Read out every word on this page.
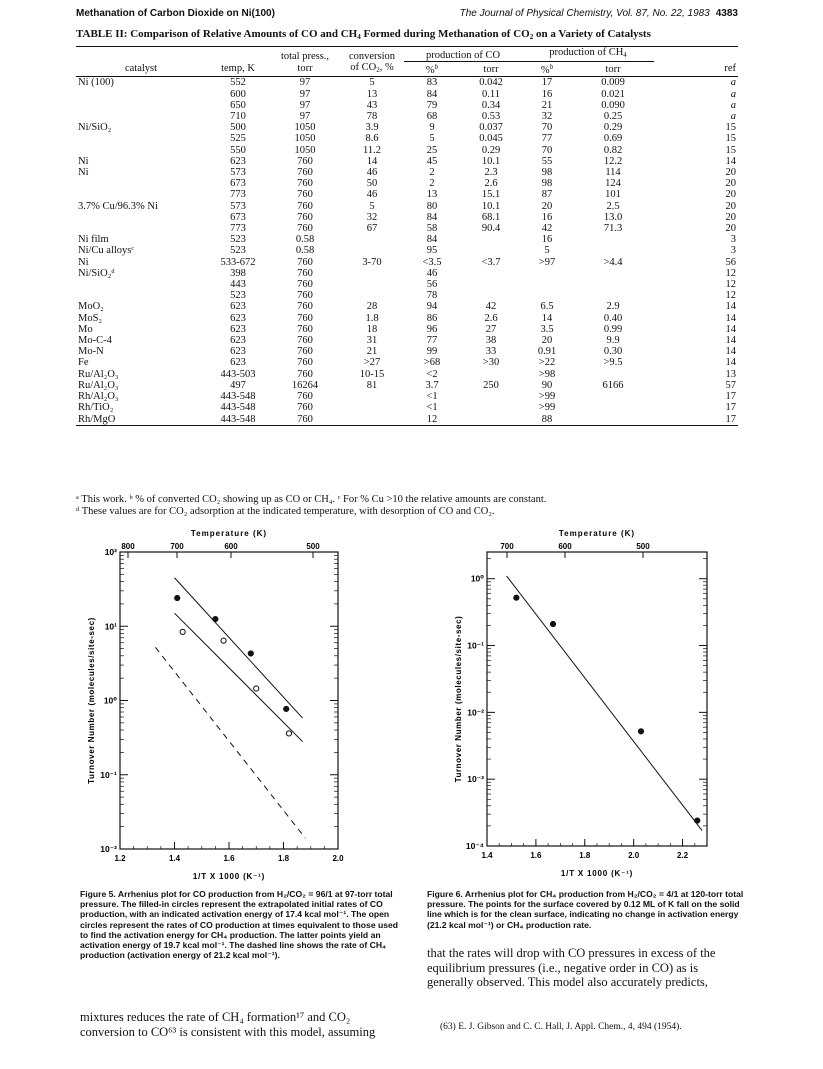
Methanation of Carbon Dioxide on Ni(100)	The Journal of Physical Chemistry, Vol. 87, No. 22, 1983 4383
TABLE II: Comparison of Relative Amounts of CO and $CH_4$ Formed during Methanation of $CO_2$ on a Variety of Catalysts
		total press.,	conversion	production of CO		production of $CH_4$	
catalyst	temp, K	torr	of $CO_2$, %	%$^b$	torr	%$^b$	torr	ref
Ni (100)	552	97	5	83	0.042	17	0.009	a
	600	97	13	84	0.11	16	0.021	a
	650	97	43	79	0.34	21	0.090	a
	710	97	78	68	0.53	32	0.25	a
Ni/SiO₂	500	1050	3.9	9	0.037	70	0.29	15
	525	1050	8.6	5	0.045	77	0.69	15
	550	1050	11.2	25	0.29	70	0.82	15
Ni	623	760	14	45	10.1	55	12.2	14
Ni	573	760	46	2	2.3	98	114	20
	673	760	50	2	2.6	98	124	20
	773	760	46	13	15.1	87	101	20
3.7% Cu/96.3% Ni	573	760	5	80	10.1	20	2.5	20
	673	760	32	84	68.1	16	13.0	20
	773	760	67	58	90.4	42	71.3	20
Ni film	523	0.58		84		16		3
Ni/Cu alloysᶜ	523	0.58		95		5		3
Ni	533-672	760	3-70	<3.5	<3.7	>97	>4.4	56
Ni/SiO₂ᵈ	398	760		46				12
	443	760		56				12
	523	760		78				12
MoO₂	623	760	28	94	42	6.5	2.9	14
MoS₂	623	760	1.8	86	2.6	14	0.40	14
Mo	623	760	18	96	27	3.5	0.99	14
Mo-C-4	623	760	31	77	38	20	9.9	14
Mo-N	623	760	21	99	33	0.91	0.30	14
Fe	623	760	>27	>68	>30	>22	>9.5	14
Ru/Al₂O₃	443-503	760	10-15	<2		>98		13
Ru/Al₂O₃	497	16264	81	3.7	250	90	6166	57
Rh/Al₂O₃	443-548	760		<1		>99		17
Rh/TiO₂	443-548	760		<1		>99		17
Rh/MgO	443-548	760		12		88		17
ᵃ This work. ᵇ % of converted CO₂ showing up as CO or CH₄. ᶜ For % Cu >10 the relative amounts are constant.
ᵈ These values are for CO₂ adsorption at the indicated temperature, with desorption of CO and CO₂.
Temperature (K)
800	700	600	500
1.2	1.4	1.6	1.8	2.0
10²
10¹
10⁰
10⁻¹
10⁻²
Turnover Number (molecules/site-sec)
1/T X 1000 (K⁻¹)
Figure 5. Arrhenius plot for CO production from H₂/CO₂ = 96/1 at 97-torr total pressure. The filled-in circles represent the extrapolated initial rates of CO production, with an indicated activation energy of 17.4 kcal mol⁻¹. The open circles represent the rates of CO production at times equivalent to those used to find the activation energy for CH₄ production. The latter points yield an activation energy of 19.7 kcal mol⁻¹. The dashed line shows the rate of CH₄ production (activation energy of 21.2 kcal mol⁻¹).
Temperature (K)
700	600	500
1.4	1.6	1.8	2.0	2.2
10⁰
10⁻¹
10⁻²
10⁻³
10⁻⁴
Turnover Number (molecules/site-sec)
1/T X 1000 (K⁻¹)
Figure 6. Arrhenius plot for CH₄ production from H₂/CO₂ = 4/1 at 120-torr total pressure. The points for the surface covered by 0.12 ML of K fall on the solid line which is for the clean surface, indicating no change in activation energy (21.2 kcal mol⁻¹) or CH₄ production rate.
mixtures reduces the rate of CH₄ formation¹⁷ and CO₂ conversion to CO⁶³ is consistent with this model, assuming
that the rates will drop with CO pressures in excess of the equilibrium pressures (i.e., negative order in CO) as is generally observed. This model also accurately predicts,
(63) E. J. Gibson and C. C. Hall, J. Appl. Chem., 4, 494 (1954).
